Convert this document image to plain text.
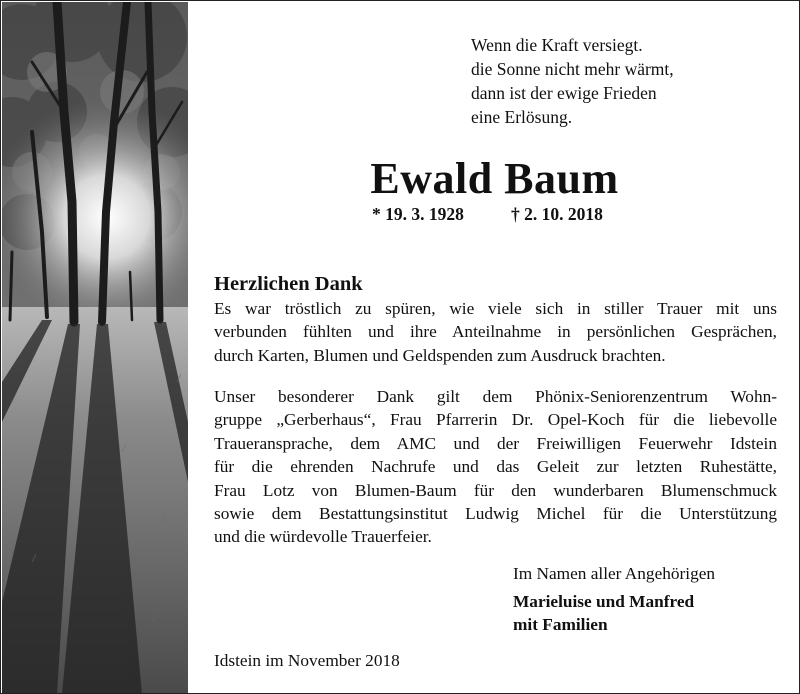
Wenn die Kraft versiegt.
die Sonne nicht mehr wärmt,
dann ist der ewige Frieden
eine Erlösung.
Ewald Baum
* 19. 3. 1928	† 2. 10. 2018
Herzlichen Dank
Es war tröstlich zu spüren, wie viele sich in stiller Trauer mit uns
verbunden fühlten und ihre Anteilnahme in persönlichen Gesprächen,
durch Karten, Blumen und Geldspenden zum Ausdruck brachten.
Unser besonderer Dank gilt dem Phönix-Seniorenzentrum Wohn-
gruppe „Gerberhaus“, Frau Pfarrerin Dr. Opel-Koch für die liebevolle
Traueransprache, dem AMC und der Freiwilligen Feuerwehr Idstein
für die ehrenden Nachrufe und das Geleit zur letzten Ruhestätte,
Frau Lotz von Blumen-Baum für den wunderbaren Blumenschmuck
sowie dem Bestattungsinstitut Ludwig Michel für die Unterstützung
und die würdevolle Trauerfeier.
Im Namen aller Angehörigen
Marieluise und Manfred
mit Familien
Idstein im November 2018
